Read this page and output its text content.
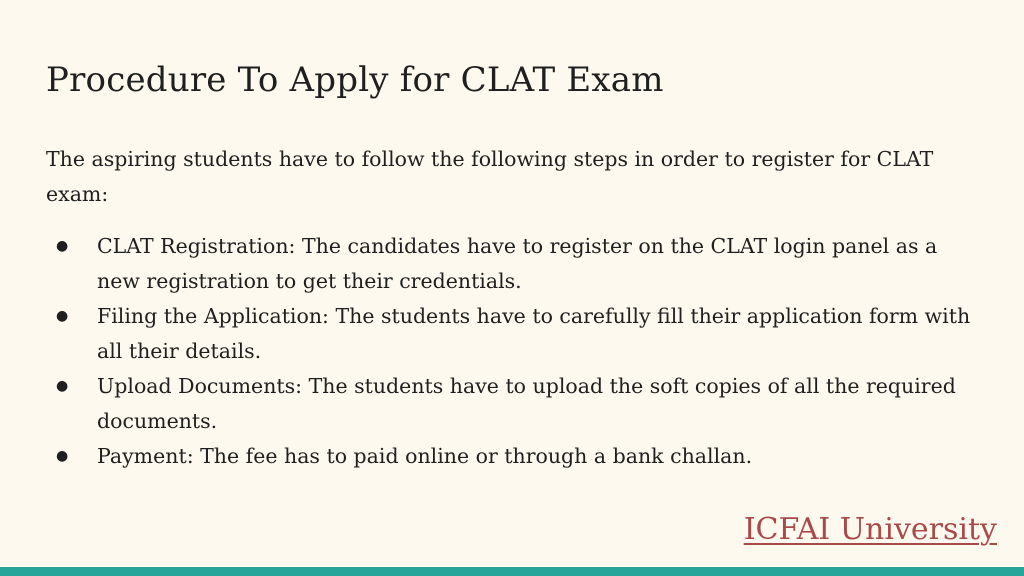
Procedure To Apply for CLAT Exam

The aspiring students have to follow the following steps in order to register for CLAT exam:

● CLAT Registration: The candidates have to register on the CLAT login panel as a new registration to get their credentials.
● Filing the Application: The students have to carefully fill their application form with all their details.
● Upload Documents: The students have to upload the soft copies of all the required documents.
● Payment: The fee has to paid online or through a bank challan.
ICFAI University
